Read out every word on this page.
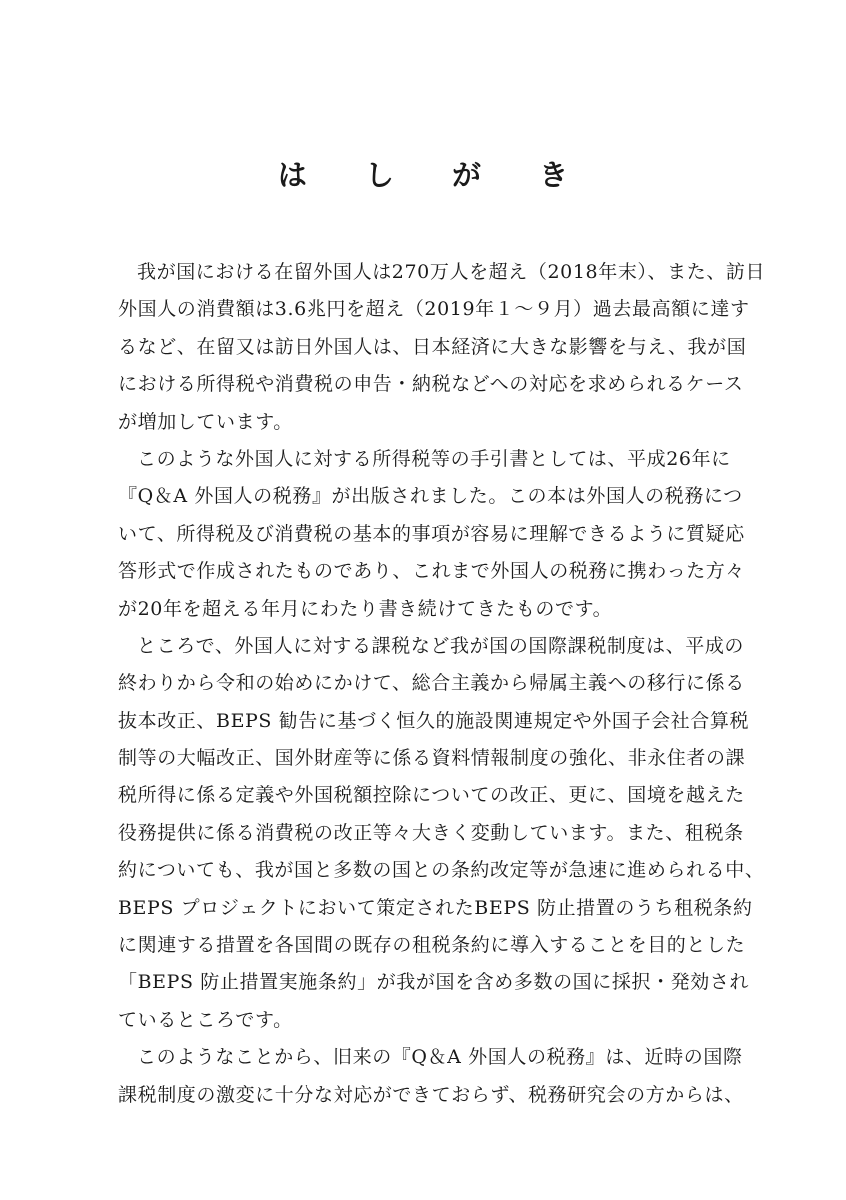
は し が き
我が国における在留外国人は270万人を超え（2018年末）、また、訪日
外国人の消費額は3.6兆円を超え（2019年１～９月）過去最高額に達す
るなど、在留又は訪日外国人は、日本経済に大きな影響を与え、我が国
における所得税や消費税の申告・納税などへの対応を求められるケース
が増加しています。
このような外国人に対する所得税等の手引書としては、平成26年に
『Q＆A 外国人の税務』が出版されました。この本は外国人の税務につ
いて、所得税及び消費税の基本的事項が容易に理解できるように質疑応
答形式で作成されたものであり、これまで外国人の税務に携わった方々
が20年を超える年月にわたり書き続けてきたものです。
ところで、外国人に対する課税など我が国の国際課税制度は、平成の
終わりから令和の始めにかけて、総合主義から帰属主義への移行に係る
抜本改正、BEPS 勧告に基づく恒久的施設関連規定や外国子会社合算税
制等の大幅改正、国外財産等に係る資料情報制度の強化、非永住者の課
税所得に係る定義や外国税額控除についての改正、更に、国境を越えた
役務提供に係る消費税の改正等々大きく変動しています。また、租税条
約についても、我が国と多数の国との条約改定等が急速に進められる中、
BEPS プロジェクトにおいて策定されたBEPS 防止措置のうち租税条約
に関連する措置を各国間の既存の租税条約に導入することを目的とした
「BEPS 防止措置実施条約」が我が国を含め多数の国に採択・発効され
ているところです。
このようなことから、旧来の『Q＆A 外国人の税務』は、近時の国際
課税制度の激変に十分な対応ができておらず、税務研究会の方からは、
